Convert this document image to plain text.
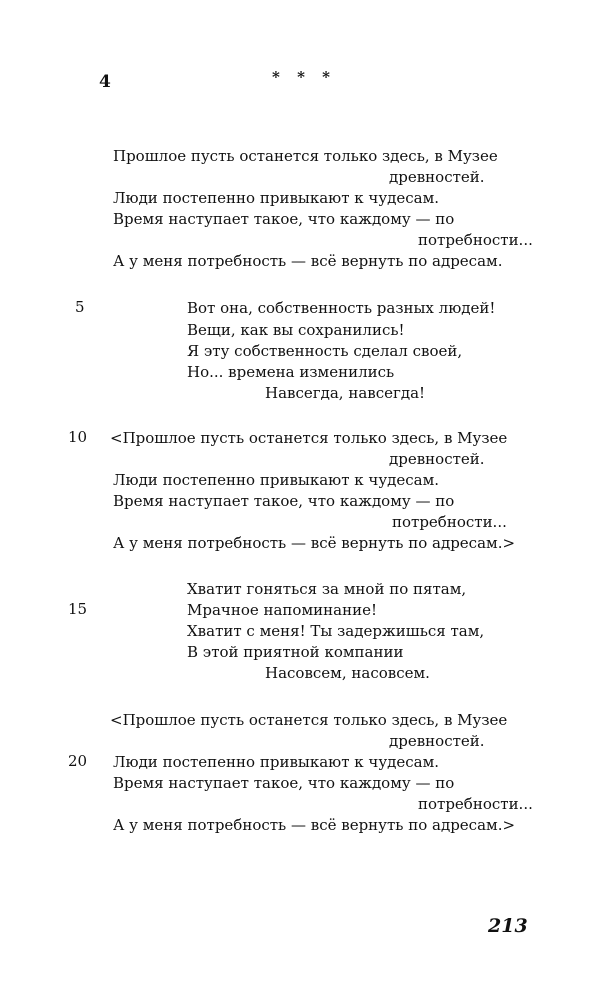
4	* * *
Прошлое пусть останется только здесь, в Музее
древностей.
Люди постепенно привыкают к чудесам.
Время наступает такое, что каждому — по
потребности...
А у меня потребность — всё вернуть по адресам.
5	Вот она, собственность разных людей!
Вещи, как вы сохранились!
Я эту собственность сделал своей,
Но... времена изменились
Навсегда, навсегда!
10 <Прошлое пусть останется только здесь, в Музее
древностей.
Люди постепенно привыкают к чудесам.
Время наступает такое, что каждому — по
потребности...
А у меня потребность — всё вернуть по адресам.>
Хватит гоняться за мной по пятам,
15	Мрачное напоминание!
Хватит с меня! Ты задержишься там,
В этой приятной компании
Насовсем, насовсем.
<Прошлое пусть останется только здесь, в Музее
древностей.
20 Люди постепенно привыкают к чудесам.
Время наступает такое, что каждому — по
потребности...
А у меня потребность — всё вернуть по адресам.>
213
